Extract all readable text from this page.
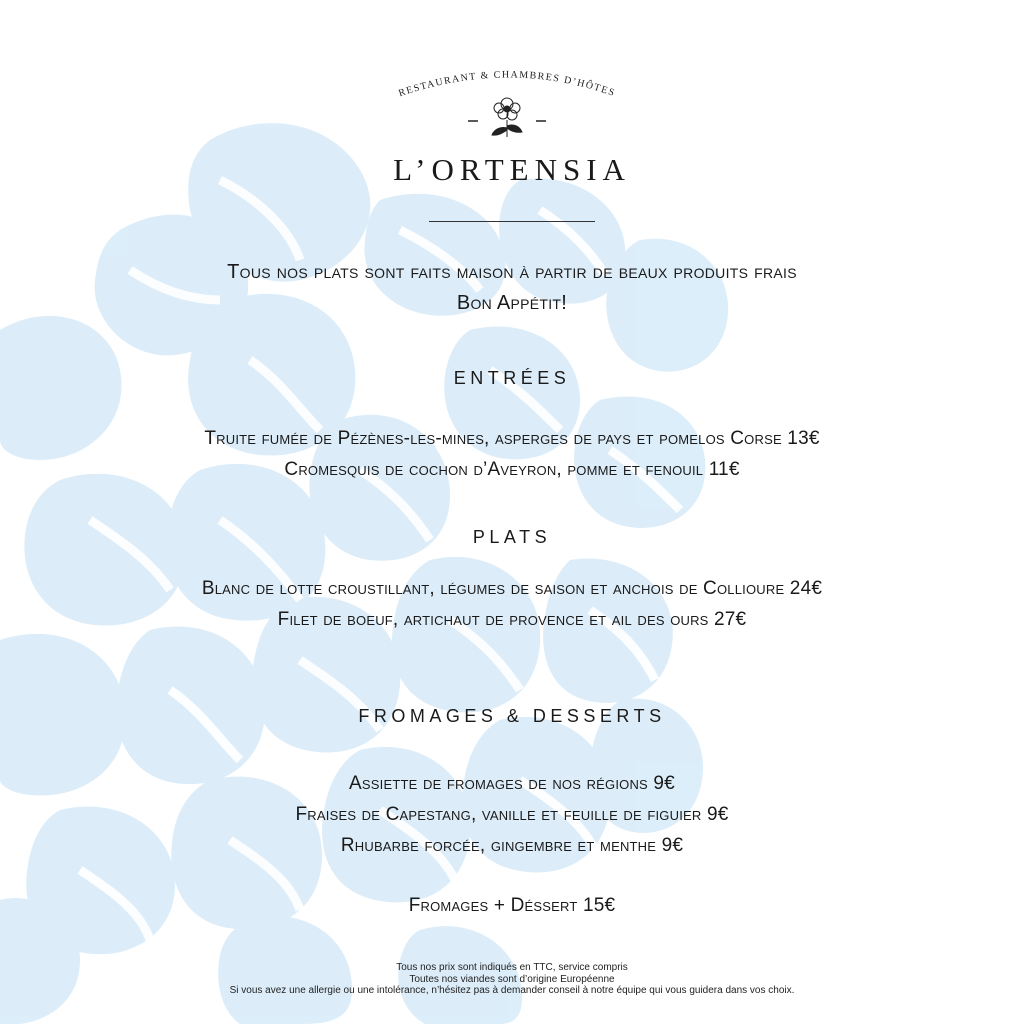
RESTAURANT & CHAMBRES D’HÔTES
L’ORTENSIA
Tous nos plats sont faits maison à partir de beaux produits frais
Bon Appétit!
ENTRÉES
Truite fumée de Pézènes-les-mines, asperges de pays et pomelos Corse 13€
Cromesquis de cochon d’Aveyron, pomme et fenouil 11€
PLATS
Blanc de lotte croustillant, légumes de saison et anchois de Collioure 24€
Filet de boeuf, artichaut de provence et ail des ours 27€
FROMAGES & DESSERTS
Assiette de fromages de nos régions 9€
Fraises de Capestang, vanille et feuille de figuier 9€
Rhubarbe forcée, gingembre et menthe 9€
Fromages + Déssert 15€
Tous nos prix sont indiqués en TTC, service compris
Toutes nos viandes sont d’origine Européenne
Si vous avez une allergie ou une intolérance, n’hésitez pas à demander conseil à notre équipe qui vous guidera dans vos choix.
